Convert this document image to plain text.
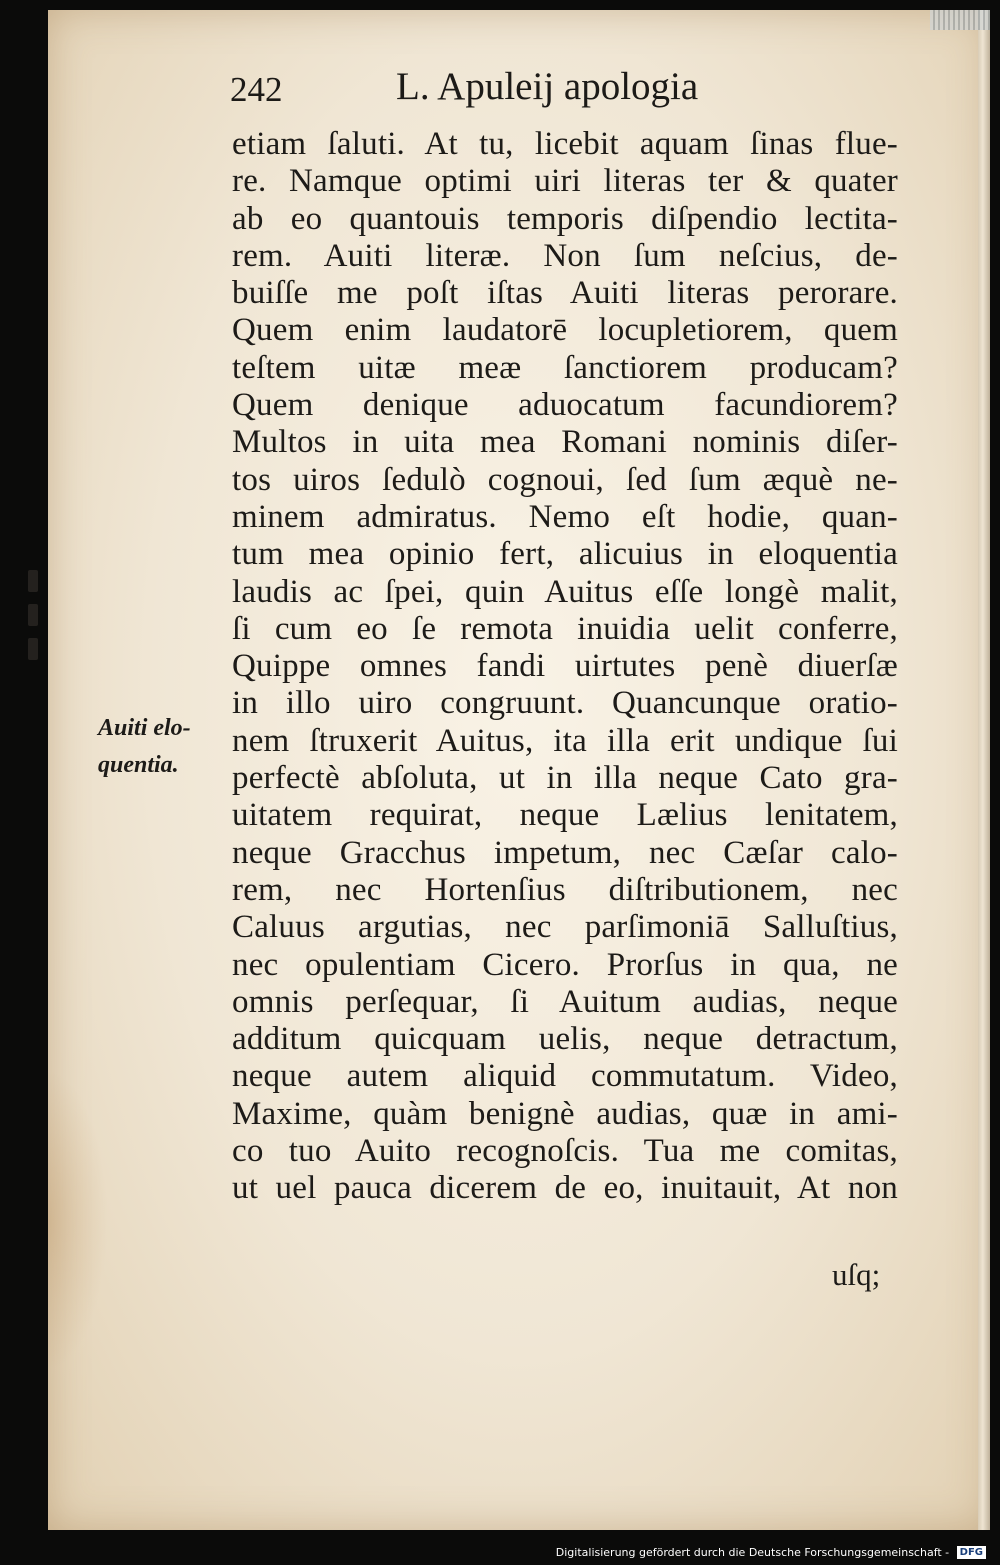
242	L. Apuleij apologia
Auiti elo-
quentia.
etiam ſaluti. At tu, licebit aquam ſinas flue-
re. Namque optimi uiri literas ter & quater
ab eo quantouis temporis diſpendio lectita-
rem. Auiti literæ. Non ſum neſcius, de-
buiſſe me poſt iſtas Auiti literas perorare.
Quem enim laudatorē locupletiorem, quem
teſtem uitæ meæ ſanctiorem producam?
Quem denique aduocatum facundiorem?
Multos in uita mea Romani nominis diſer-
tos uiros ſedulò cognoui, ſed ſum æquè ne-
minem admiratus. Nemo eſt hodie, quan-
tum mea opinio fert, alicuius in eloquentia
laudis ac ſpei, quin Auitus eſſe longè malit,
ſi cum eo ſe remota inuidia uelit conferre,
Quippe omnes fandi uirtutes penè diuerſæ
in illo uiro congruunt. Quancunque oratio-
nem ſtruxerit Auitus, ita illa erit undique ſui
perfectè abſoluta, ut in illa neque Cato gra-
uitatem requirat, neque Lælius lenitatem,
neque Gracchus impetum, nec Cæſar calo-
rem, nec Hortenſius diſtributionem, nec
Caluus argutias, nec parſimoniā Salluſtius,
nec opulentiam Cicero. Prorſus in qua, ne
omnis perſequar, ſi Auitum audias, neque
additum quicquam uelis, neque detractum,
neque autem aliquid commutatum. Video,
Maxime, quàm benignè audias, quæ in ami-
co tuo Auito recognoſcis. Tua me comitas,
ut uel pauca dicerem de eo, inuitauit, At non
uſq;
Digitalisierung gefördert durch die Deutsche Forschungsgemeinschaft - DFG
